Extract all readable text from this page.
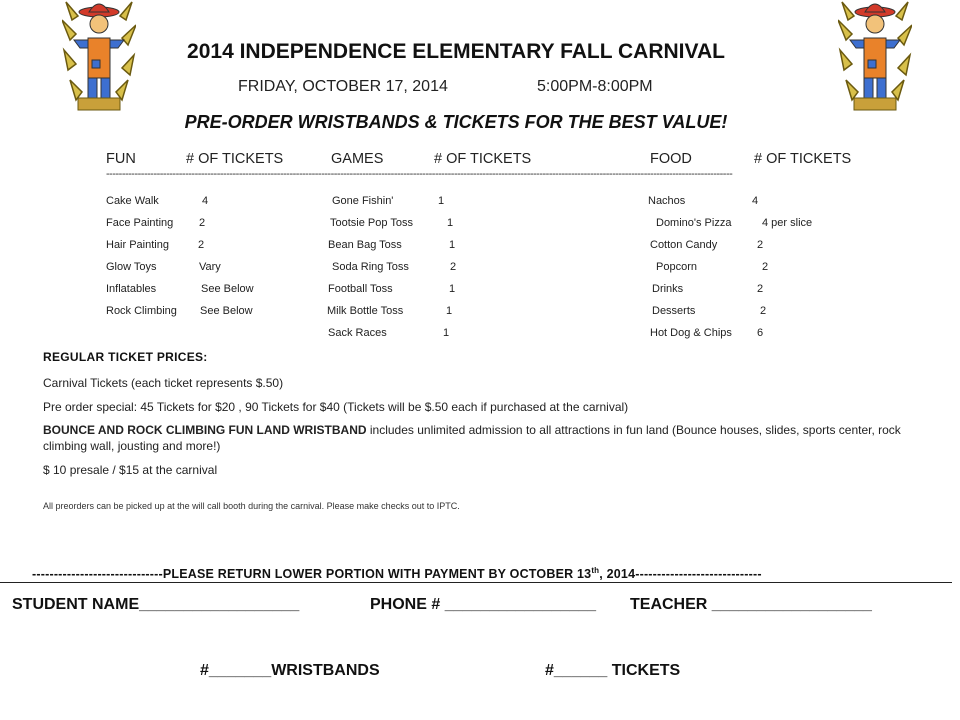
2014 INDEPENDENCE ELEMENTARY FALL CARNIVAL
FRIDAY, OCTOBER 17, 2014	5:00PM-8:00PM
PRE-ORDER WRISTBANDS & TICKETS FOR THE BEST VALUE!
FUN	# OF TICKETS	GAMES	# OF TICKETS	FOOD	# OF TICKETS
------------------------------------------------------------------------------------------------------------------------------------------------------------------------------------------------------
Cake Walk	4
Face Painting 2
Hair Painting	2
Glow Toys	Vary
Inflatables	See Below
Rock Climbing See Below
Gone Fishin'	1
Tootsie Pop Toss	1
Bean Bag Toss	1
Soda Ring Toss	2
Football Toss	1
Milk Bottle Toss	1
Sack Races	1
Nachos	4
Domino's Pizza	4 per slice
Cotton Candy	2
Popcorn	2
Drinks	2
Desserts	2
Hot Dog & Chips 6
REGULAR TICKET PRICES:
Carnival Tickets (each ticket represents $.50)
Pre order special: 45 Tickets for $20 , 90 Tickets for $40 (Tickets will be $.50 each if purchased at the carnival)
BOUNCE AND ROCK CLIMBING FUN LAND WRISTBAND includes unlimited admission to all attractions in fun land (Bounce houses, slides, sports center, rock climbing wall, jousting and more!)
$ 10 presale / $15 at the carnival
All preorders can be picked up at the will call booth during the carnival. Please make checks out to IPTC.
------------------------------PLEASE RETURN LOWER PORTION WITH PAYMENT BY OCTOBER 13th, 2014-----------------------------
STUDENT NAME__________________	PHONE # _________________ TEACHER __________________
#_______WRISTBANDS	#______ TICKETS
